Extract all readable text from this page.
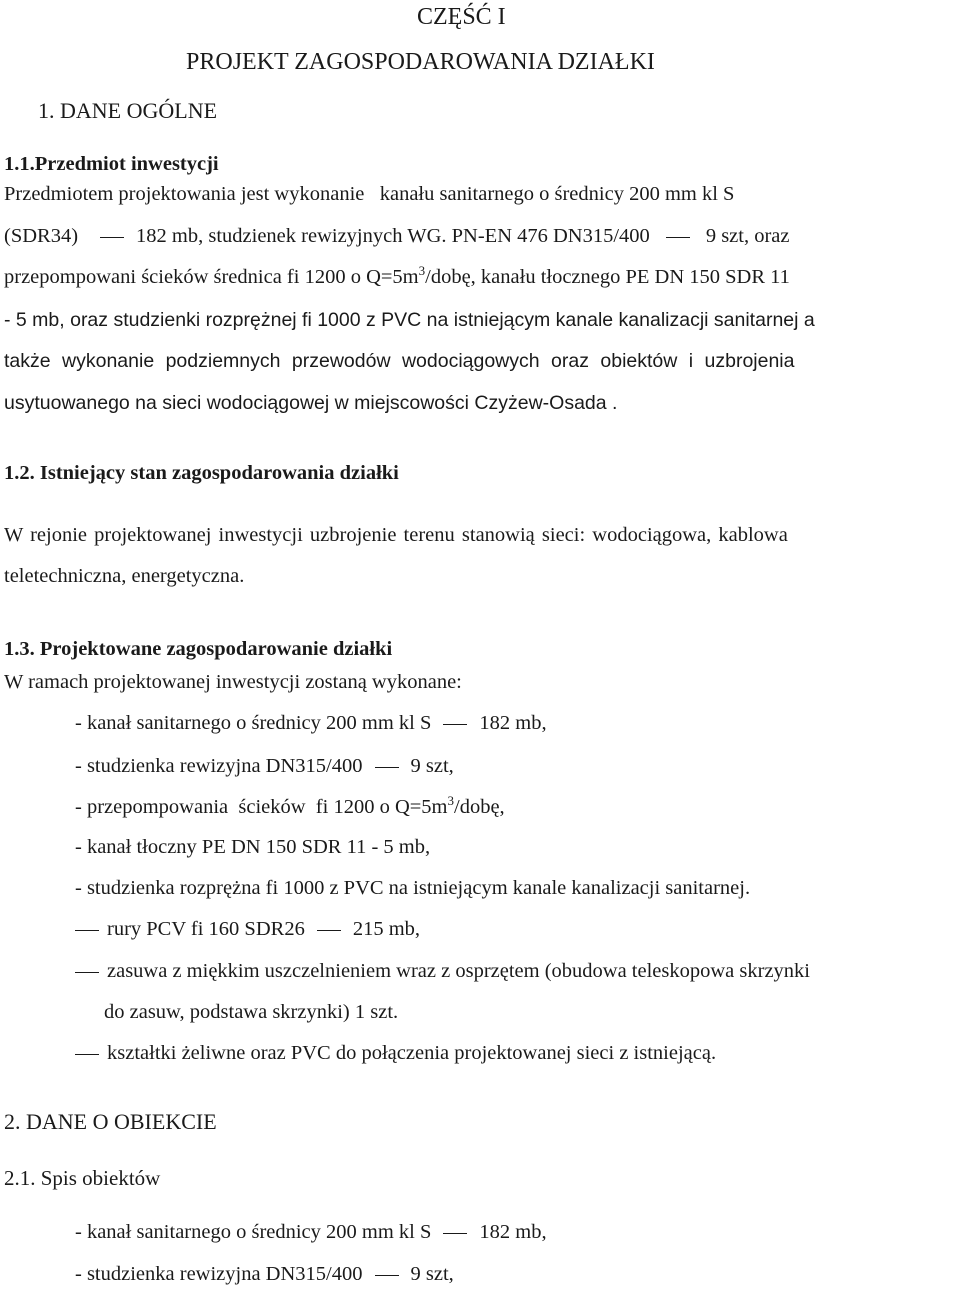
CZĘŚĆ I
PROJEKT ZAGOSPODAROWANIA DZIAŁKI
1. DANE OGÓLNE
1.1.Przedmiot inwestycji
Przedmiotem projektowania jest wykonanie   kanału sanitarnego o średnicy 200 mm kl S
(SDR34)	182 mb, studzienek rewizyjnych WG. PN-EN 476 DN315/400	9 szt, oraz
przepompowani ścieków średnica fi 1200 o $Q=5m^3$/dobę, kanału tłocznego PE DN 150 SDR 11
- 5 mb, oraz studzienki rozprężnej fi 1000 z PVC na istniejącym kanale kanalizacji sanitarnej a
także wykonanie podziemnych przewodów wodociągowych oraz obiektów i uzbrojenia
usytuowanego na sieci wodociągowej w miejscowości Czyżew-Osada .
1.2. Istniejący stan zagospodarowania działki
W rejonie projektowanej inwestycji uzbrojenie terenu stanowią sieci: wodociągowa, kablowa
teletechniczna, energetyczna.
1.3. Projektowane zagospodarowanie działki
W ramach projektowanej inwestycji zostaną wykonane:
- kanał sanitarnego o średnicy 200 mm kl S 182 mb,
- studzienka rewizyjna DN315/400 9 szt,
- przepompowania  ścieków  fi 1200 o $Q=5m^3$/dobę,
- kanał tłoczny PE DN 150 SDR 11 - 5 mb,
- studzienka rozprężna fi 1000 z PVC na istniejącym kanale kanalizacji sanitarnej.
rury PCV fi 160 SDR26 215 mb,
zasuwa z miękkim uszczelnieniem wraz z osprzętem (obudowa teleskopowa skrzynki
do zasuw, podstawa skrzynki) 1 szt.
kształtki żeliwne oraz PVC do połączenia projektowanej sieci z istniejącą.
2. DANE O OBIEKCIE
2.1. Spis obiektów
- kanał sanitarnego o średnicy 200 mm kl S 182 mb,
- studzienka rewizyjna DN315/400 9 szt,
